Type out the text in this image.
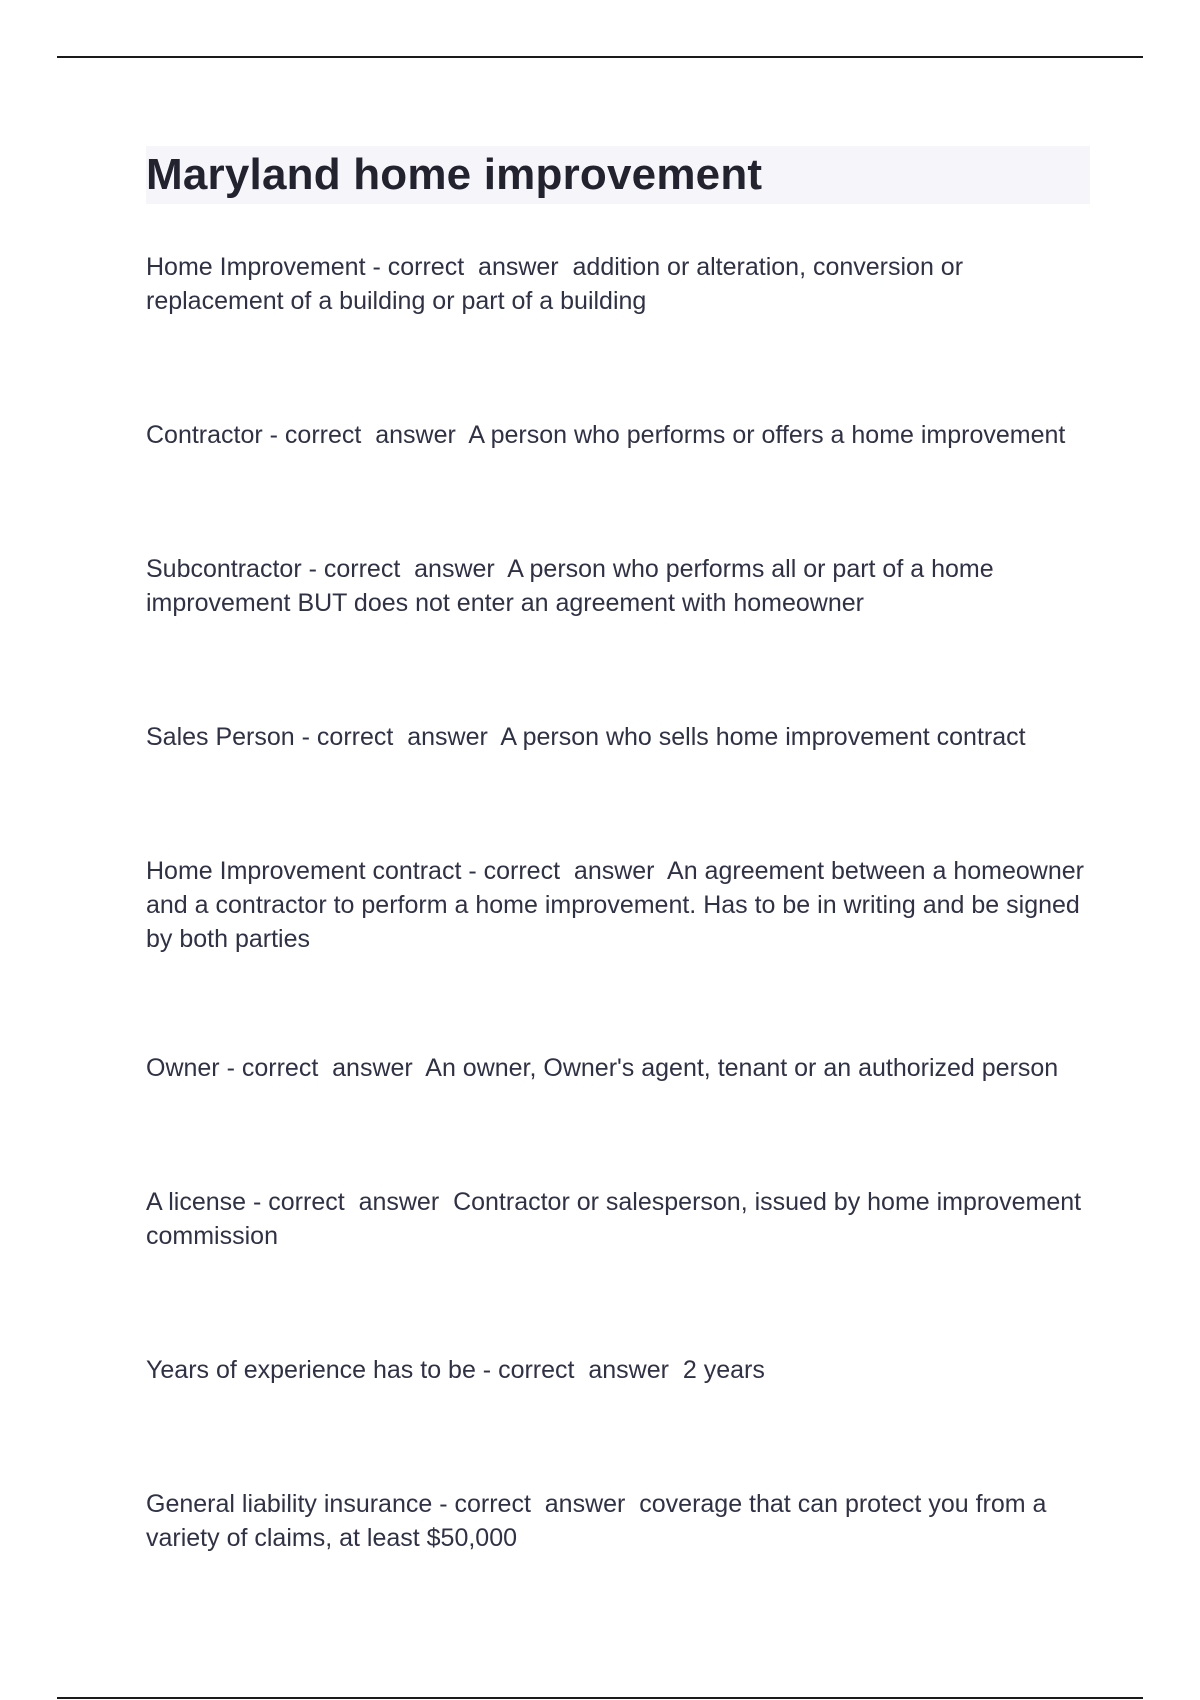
Maryland home improvement

Home Improvement - correct  answer  addition or alteration, conversion or replacement of a building or part of a building

Contractor - correct  answer  A person who performs or offers a home improvement

Subcontractor - correct  answer  A person who performs all or part of a home improvement BUT does not enter an agreement with homeowner

Sales Person - correct  answer  A person who sells home improvement contract

Home Improvement contract - correct  answer  An agreement between a homeowner and a contractor to perform a home improvement. Has to be in writing and be signed by both parties

Owner - correct  answer  An owner, Owner's agent, tenant or an authorized person

A license - correct  answer  Contractor or salesperson, issued by home improvement commission

Years of experience has to be - correct  answer  2 years

General liability insurance - correct  answer  coverage that can protect you from a variety of claims, at least $50,000
